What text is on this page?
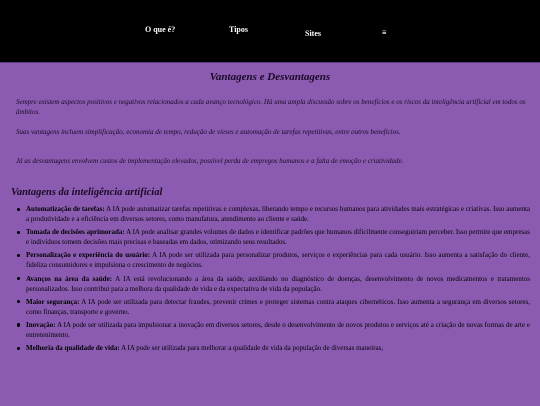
O que é?	Tipos	Sites	≡
Vantagens e Desvantagens

Sempre existem aspectos positivos e negativos relacionados a cada avanço tecnológico. Há uma ampla discussão sobre os benefícios e os riscos da inteligência artificial em todos os âmbitos.

Suas vantagens incluem simplificação, economia de tempo, redução de vieses e automação de tarefas repetitivas, entre outros benefícios.

Já as desvantagens envolvem custos de implementação elevados, possível perda de empregos humanos e a falta de emoção e criatividade.

Vantagens da inteligência artificial
Automatização de tarefas: A IA pode automatizar tarefas repetitivas e complexas, liberando tempo e recursos humanos para atividades mais estratégicas e criativas. Isso aumenta a produtividade e a eficiência em diversos setores, como manufatura, atendimento ao cliente e saúde.
Tomada de decisões aprimorada: A IA pode analisar grandes volumes de dados e identificar padrões que humanos dificilmente conseguiriam perceber. Isso permite que empresas e indivíduos tomem decisões mais precisas e baseadas em dados, otimizando seus resultados.
Personalização e experiência do usuário: A IA pode ser utilizada para personalizar produtos, serviços e experiências para cada usuário. Isso aumenta a satisfação do cliente, fideliza consumidores e impulsiona o crescimento de negócios.
Avanços na área da saúde: A IA está revolucionando a área da saúde, auxiliando no diagnóstico de doenças, desenvolvimento de novos medicamentos e tratamentos personalizados. Isso contribui para a melhora da qualidade de vida e da expectativa de vida da população.
Maior segurança: A IA pode ser utilizada para detectar fraudes, prevenir crimes e proteger sistemas contra ataques cibernéticos. Isso aumenta a segurança em diversos setores, como finanças, transporte e governo.
Inovação: A IA pode ser utilizada para impulsionar a inovação em diversos setores, desde o desenvolvimento de novos produtos e serviços até a criação de novas formas de arte e entretenimento.
Melhoria da qualidade de vida: A IA pode ser utilizada para melhorar a qualidade de vida da população de diversas maneiras,
